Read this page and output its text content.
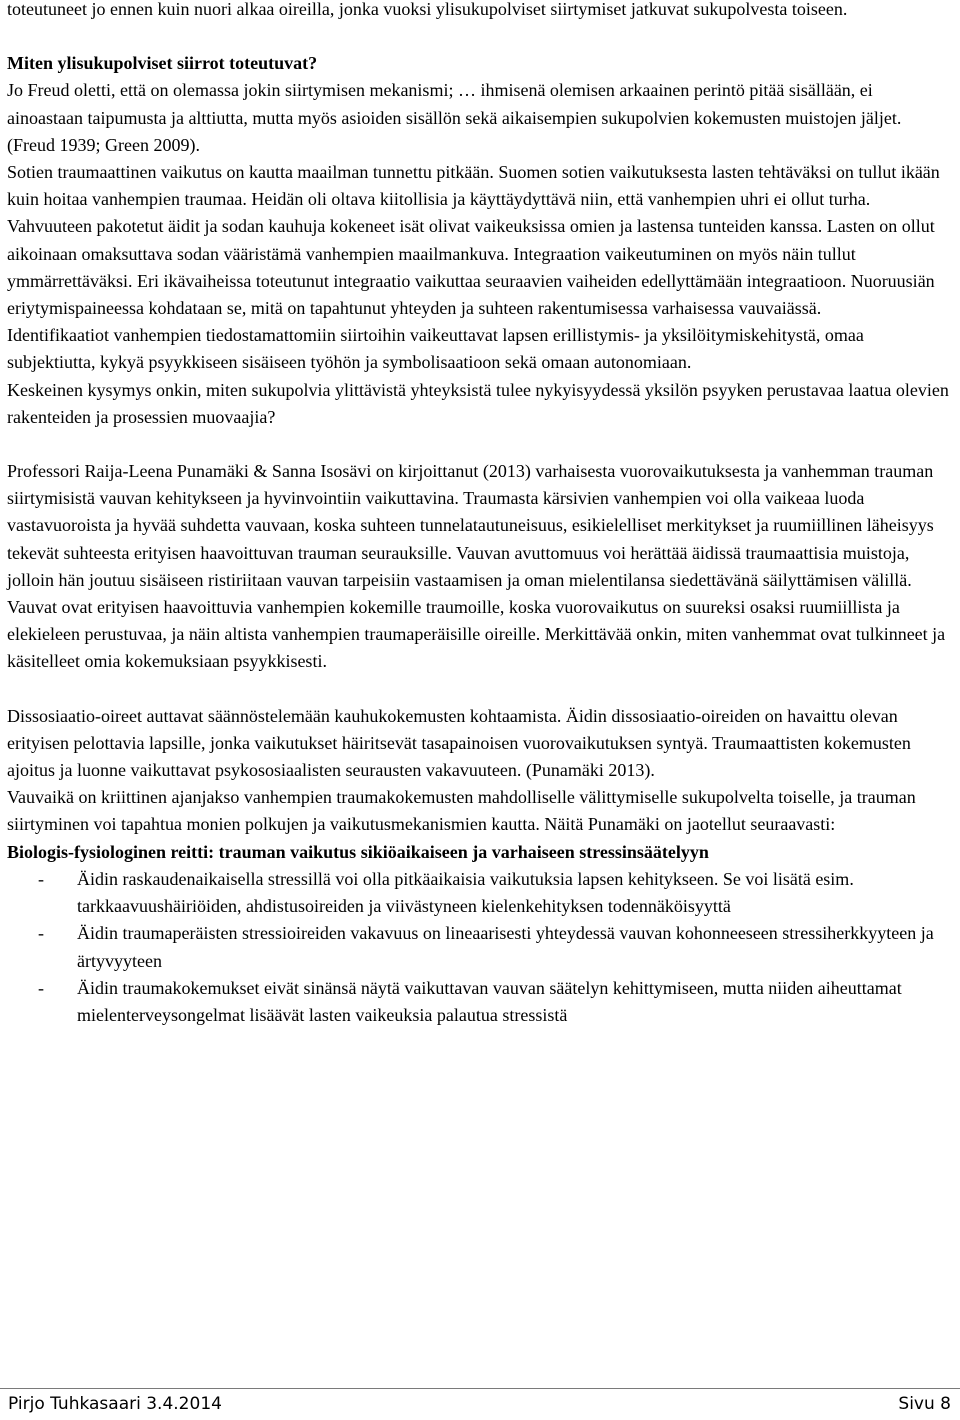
toteutuneet jo ennen kuin nuori alkaa oireilla, jonka vuoksi ylisukupolviset siirtymiset jatkuvat sukupolvesta toiseen.

Miten ylisukupolviset siirrot toteutuvat?

Jo Freud oletti, että on olemassa jokin siirtymisen mekanismi; … ihmisenä olemisen arkaainen perintö pitää sisällään, ei ainoastaan taipumusta ja alttiutta, mutta myös asioiden sisällön sekä aikaisempien sukupolvien kokemusten muistojen jäljet. (Freud 1939; Green 2009).

Sotien traumaattinen vaikutus on kautta maailman tunnettu pitkään. Suomen sotien vaikutuksesta lasten tehtäväksi on tullut ikään kuin hoitaa vanhempien traumaa. Heidän oli oltava kiitollisia ja käyttäydyttävä niin, että vanhempien uhri ei ollut turha. Vahvuuteen pakotetut äidit ja sodan kauhuja kokeneet isät olivat vaikeuksissa omien ja lastensa tunteiden kanssa. Lasten on ollut aikoinaan omaksuttava sodan vääristämä vanhempien maailmankuva. Integraation vaikeutuminen on myös näin tullut ymmärrettäväksi. Eri ikävaiheissa toteutunut integraatio vaikuttaa seuraavien vaiheiden edellyttämään integraatioon. Nuoruusiän eriytymispaineessa kohdataan se, mitä on tapahtunut yhteyden ja suhteen rakentumisessa varhaisessa vauvaiässä.

Identifikaatiot vanhempien tiedostamattomiin siirtoihin vaikeuttavat lapsen erillistymis- ja yksilöitymiskehitystä, omaa subjektiutta, kykyä psyykkiseen sisäiseen työhön ja symbolisaatioon sekä omaan autonomiaan.

Keskeinen kysymys onkin, miten sukupolvia ylittävistä yhteyksistä tulee nykyisyydessä yksilön psyyken perustavaa laatua olevien rakenteiden ja prosessien muovaajia?

Professori Raija-Leena Punamäki & Sanna Isosävi on kirjoittanut (2013) varhaisesta vuorovaikutuksesta ja vanhemman trauman siirtymisistä vauvan kehitykseen ja hyvinvointiin vaikuttavina. Traumasta kärsivien vanhempien voi olla vaikeaa luoda vastavuoroista ja hyvää suhdetta vauvaan, koska suhteen tunnelatautuneisuus, esikielelliset merkitykset ja ruumiillinen läheisyys tekevät suhteesta erityisen haavoittuvan trauman seurauksille. Vauvan avuttomuus voi herättää äidissä traumaattisia muistoja, jolloin hän joutuu sisäiseen ristiriitaan vauvan tarpeisiin vastaamisen ja oman mielentilansa siedettävänä säilyttämisen välillä.

Vauvat ovat erityisen haavoittuvia vanhempien kokemille traumoille, koska vuorovaikutus on suureksi osaksi ruumiillista ja elekieleen perustuvaa, ja näin altista vanhempien traumaperäisille oireille. Merkittävää onkin, miten vanhemmat ovat tulkinneet ja käsitelleet omia kokemuksiaan psyykkisesti.

Dissosiaatio-oireet auttavat säännöstelemään kauhukokemusten kohtaamista. Äidin dissosiaatio-oireiden on havaittu olevan erityisen pelottavia lapsille, jonka vaikutukset häiritsevät tasapainoisen vuorovaikutuksen syntyä. Traumaattisten kokemusten ajoitus ja luonne vaikuttavat psykososiaalisten seurausten vakavuuteen. (Punamäki 2013).

Vauvaikä on kriittinen ajanjakso vanhempien traumakokemusten mahdolliselle välittymiselle sukupolvelta toiselle, ja trauman siirtyminen voi tapahtua monien polkujen ja vaikutusmekanismien kautta. Näitä Punamäki on jaotellut seuraavasti:

Biologis-fysiologinen reitti: trauman vaikutus sikiöaikaiseen ja varhaiseen stressinsäätelyyn

- Äidin raskaudenaikaisella stressillä voi olla pitkäaikaisia vaikutuksia lapsen kehitykseen. Se voi lisätä esim. tarkkaavuushäiriöiden, ahdistusoireiden ja viivästyneen kielenkehityksen todennäköisyyttä
- Äidin traumaperäisten stressioireiden vakavuus on lineaarisesti yhteydessä vauvan kohonneeseen stressiherkkyyteen ja ärtyvyyteen
- Äidin traumakokemukset eivät sinänsä näytä vaikuttavan vauvan säätelyn kehittymiseen, mutta niiden aiheuttamat mielenterveysongelmat lisäävät lasten vaikeuksia palautua stressistä
Pirjo Tuhkasaari 3.4.2014	Sivu 8
